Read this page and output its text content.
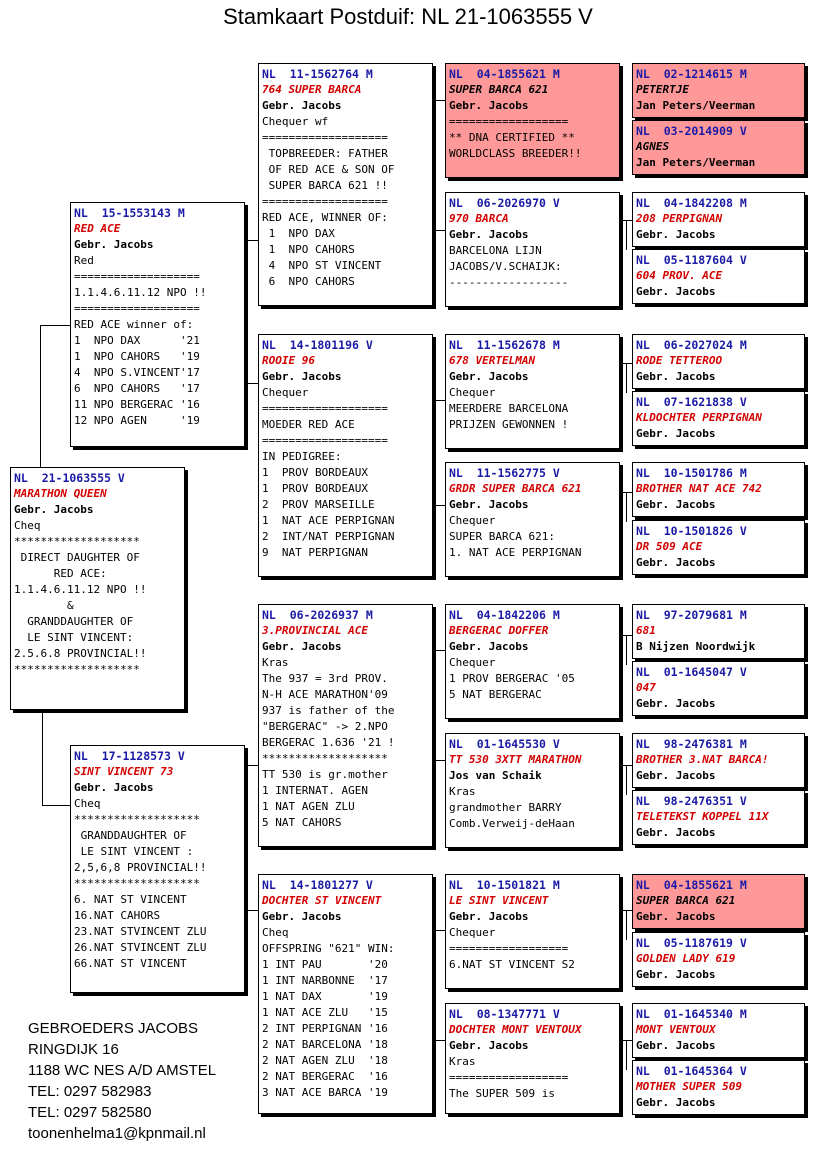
Stamkaart Postduif: NL 21-1063555 V
NL  21-1063555 V
MARATHON QUEEN
Gebr. Jacobs
Cheq
*******************
DIRECT DAUGHTER OF
RED ACE:
1.1.4.6.11.12 NPO !!
&
GRANDDAUGHTER OF
LE SINT VINCENT:
2.5.6.8 PROVINCIAL!!
*******************
NL  15-1553143 M
RED ACE
Gebr. Jacobs
Red
===================
1.1.4.6.11.12 NPO !!
===================
RED ACE winner of:
1  NPO DAX      '21
1  NPO CAHORS   '19
4  NPO S.VINCENT'17
6  NPO CAHORS   '17
11 NPO BERGERAC '16
12 NPO AGEN     '19
NL  17-1128573 V
SINT VINCENT 73
Gebr. Jacobs
Cheq
*******************
GRANDDAUGHTER OF
LE SINT VINCENT :
2,5,6,8 PROVINCIAL!!
*******************
6. NAT ST VINCENT
16.NAT CAHORS
23.NAT STVINCENT ZLU
26.NAT STVINCENT ZLU
66.NAT ST VINCENT
NL  11-1562764 M
764 SUPER BARCA
Gebr. Jacobs
Chequer wf
===================
TOPBREEDER: FATHER
OF RED ACE & SON OF
SUPER BARCA 621 !!
===================
RED ACE, WINNER OF:
1  NPO DAX
1  NPO CAHORS
4  NPO ST VINCENT
6  NPO CAHORS
NL  14-1801196 V
ROOIE 96
Gebr. Jacobs
Chequer
===================
MOEDER RED ACE
===================
IN PEDIGREE:
1  PROV BORDEAUX
1  PROV BORDEAUX
2  PROV MARSEILLE
1  NAT ACE PERPIGNAN
2  INT/NAT PERPIGNAN
9  NAT PERPIGNAN
NL  06-2026937 M
3.PROVINCIAL ACE
Gebr. Jacobs
Kras
The 937 = 3rd PROV.
N-H ACE MARATHON'09
937 is father of the
"BERGERAC" -> 2.NPO
BERGERAC 1.636 '21 !
*******************
TT 530 is gr.mother
1 INTERNAT. AGEN
1 NAT AGEN ZLU
5 NAT CAHORS
NL  14-1801277 V
DOCHTER ST VINCENT
Gebr. Jacobs
Cheq
OFFSPRING "621" WIN:
1 INT PAU       '20
1 INT NARBONNE  '17
1 NAT DAX       '19
1 NAT ACE ZLU   '15
2 INT PERPIGNAN '16
2 NAT BARCELONA '18
2 NAT AGEN ZLU  '18
2 NAT BERGERAC  '16
3 NAT ACE BARCA '19
NL  04-1855621 M
SUPER BARCA 621
Gebr. Jacobs
==================
** DNA CERTIFIED **
WORLDCLASS BREEDER!!
NL  06-2026970 V
970 BARCA
Gebr. Jacobs
BARCELONA LIJN
JACOBS/V.SCHAIJK:
------------------
NL  11-1562678 M
678 VERTELMAN
Gebr. Jacobs
Chequer
MEERDERE BARCELONA
PRIJZEN GEWONNEN !
NL  11-1562775 V
GRDR SUPER BARCA 621
Gebr. Jacobs
Chequer
SUPER BARCA 621:
1. NAT ACE PERPIGNAN
NL  04-1842206 M
BERGERAC DOFFER
Gebr. Jacobs
Chequer
1 PROV BERGERAC '05
5 NAT BERGERAC
NL  01-1645530 V
TT 530 3XTT MARATHON
Jos van Schaik
Kras
grandmother BARRY
Comb.Verweij-deHaan
NL  10-1501821 M
LE SINT VINCENT
Gebr. Jacobs
Chequer
==================
6.NAT ST VINCENT S2
NL  08-1347771 V
DOCHTER MONT VENTOUX
Gebr. Jacobs
Kras
==================
The SUPER 509 is
NL  02-1214615 M
PETERTJE
Jan Peters/Veerman
NL  03-2014909 V
AGNES
Jan Peters/Veerman
NL  04-1842208 M
208 PERPIGNAN
Gebr. Jacobs
NL  05-1187604 V
604 PROV. ACE
Gebr. Jacobs
NL  06-2027024 M
RODE TETTEROO
Gebr. Jacobs
NL  07-1621838 V
KLDOCHTER PERPIGNAN
Gebr. Jacobs
NL  10-1501786 M
BROTHER NAT ACE 742
Gebr. Jacobs
NL  10-1501826 V
DR 509 ACE
Gebr. Jacobs
NL  97-2079681 M
681
B Nijzen Noordwijk
NL  01-1645047 V
047
Gebr. Jacobs
NL  98-2476381 M
BROTHER 3.NAT BARCA!
Gebr. Jacobs
NL  98-2476351 V
TELETEKST KOPPEL 11X
Gebr. Jacobs
NL  04-1855621 M
SUPER BARCA 621
Gebr. Jacobs
NL  05-1187619 V
GOLDEN LADY 619
Gebr. Jacobs
NL  01-1645340 M
MONT VENTOUX
Gebr. Jacobs
NL  01-1645364 V
MOTHER SUPER 509
Gebr. Jacobs
GEBROEDERS JACOBS
RINGDIJK 16
1188 WC NES A/D AMSTEL
TEL: 0297 582983
TEL: 0297 582580
toonenhelma1@kpnmail.nl
